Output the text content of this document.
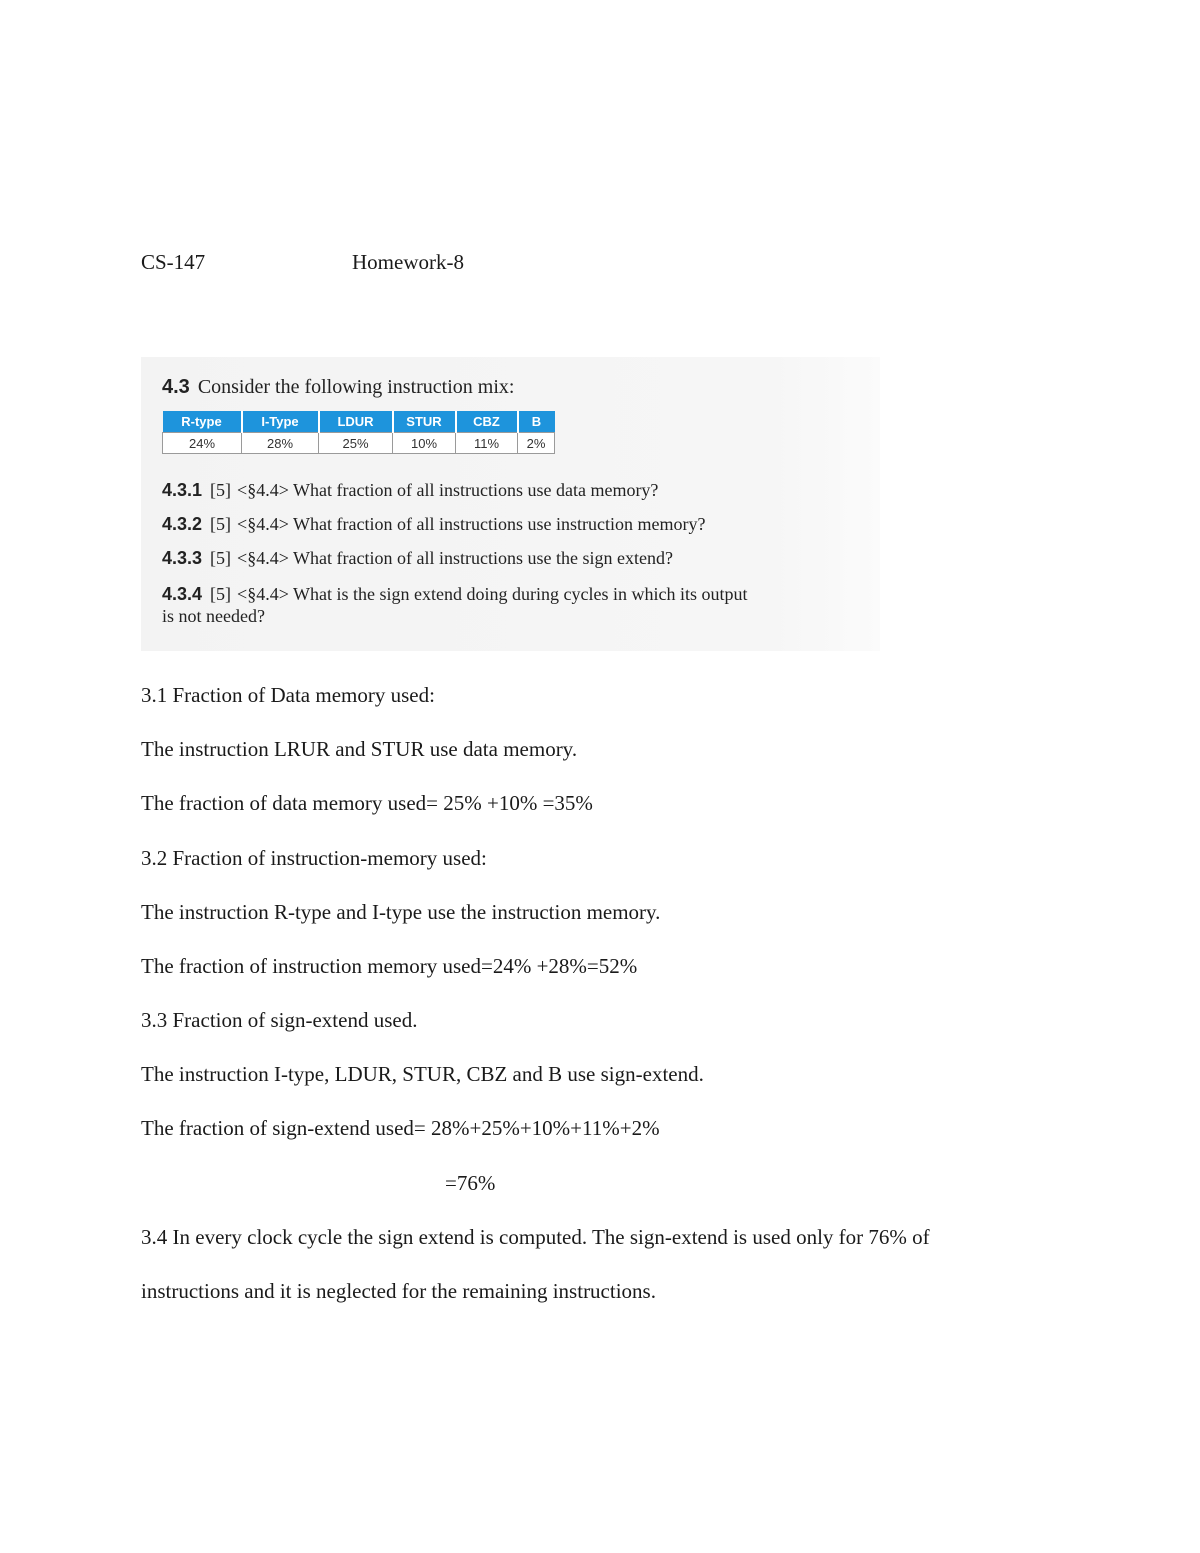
CS-147	Homework-8
4.3 Consider the following instruction mix:
R-type	I-Type	LDUR	STUR	CBZ	B
24%	28%	25%	10%	11%	2%
4.3.1 [5] <§4.4> What fraction of all instructions use data memory?
4.3.2 [5] <§4.4> What fraction of all instructions use instruction memory?
4.3.3 [5] <§4.4> What fraction of all instructions use the sign extend?
4.3.4 [5] <§4.4> What is the sign extend doing during cycles in which its output
is not needed?
3.1 Fraction of Data memory used:
The instruction LRUR and STUR use data memory.
The fraction of data memory used= 25% +10% =35%
3.2 Fraction of instruction-memory used:
The instruction R-type and I-type use the instruction memory.
The fraction of instruction memory used=24% +28%=52%
3.3 Fraction of sign-extend used.
The instruction I-type, LDUR, STUR, CBZ and B use sign-extend.
The fraction of sign-extend used= 28%+25%+10%+11%+2%
=76%
3.4 In every clock cycle the sign extend is computed. The sign-extend is used only for 76% of
instructions and it is neglected for the remaining instructions.
